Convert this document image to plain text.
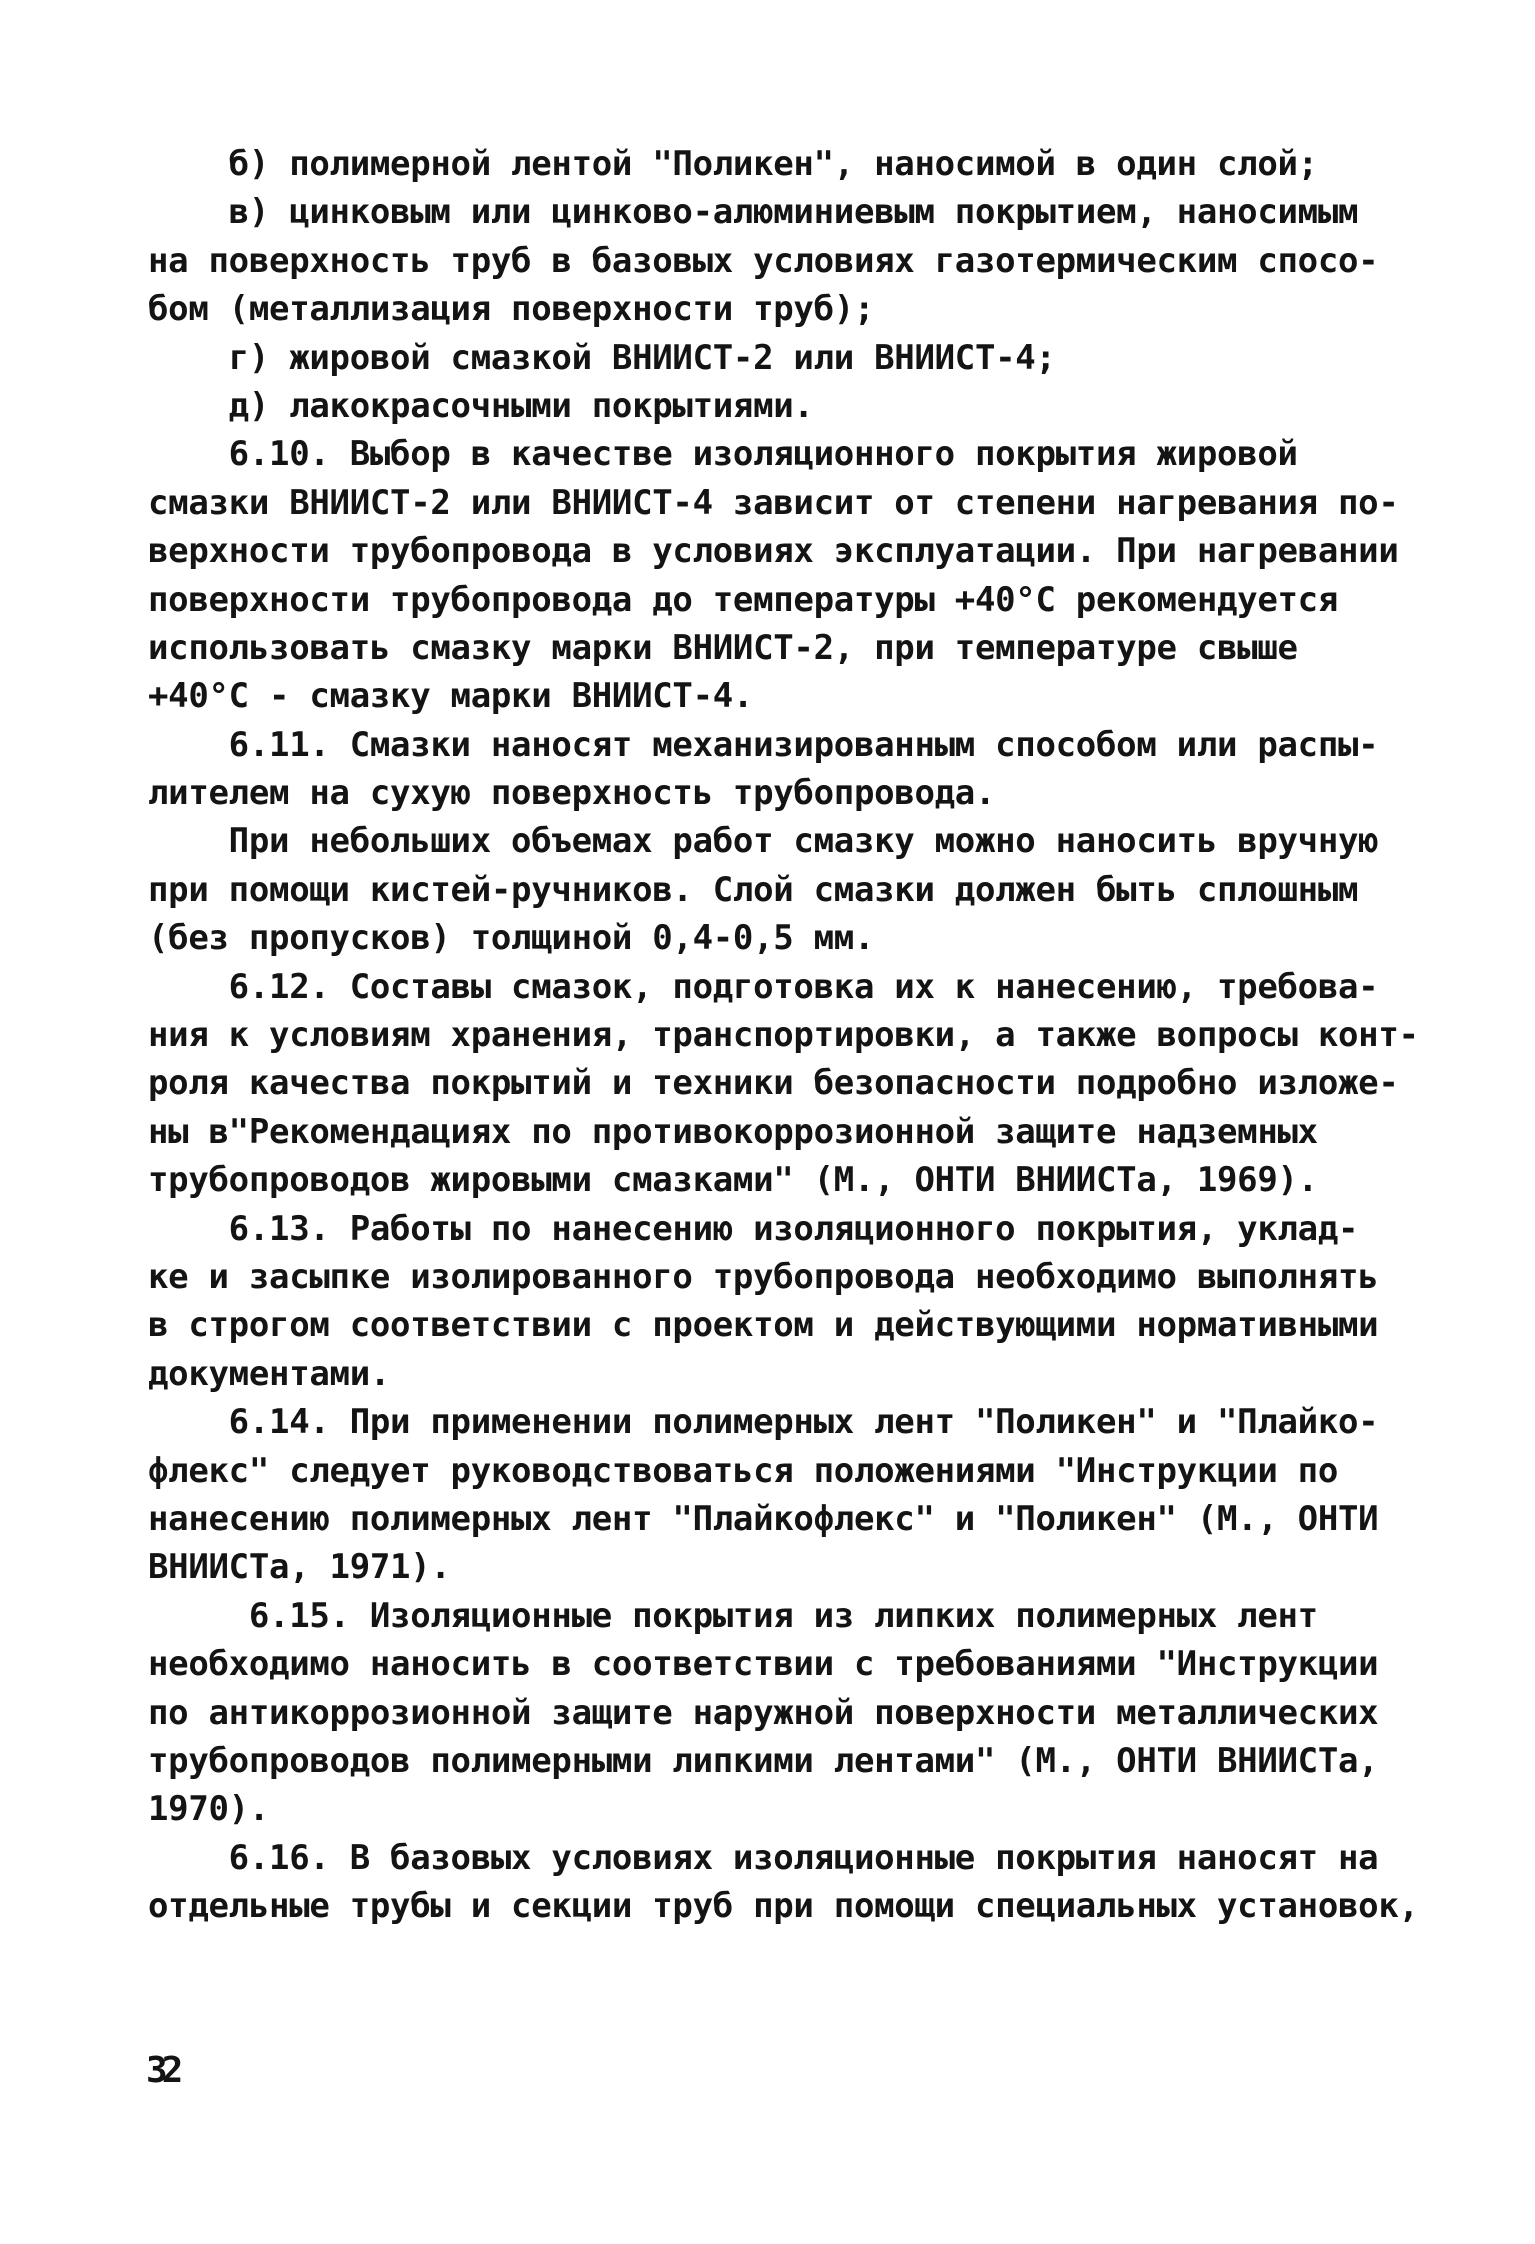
б) полимерной лентой "Поликен", наносимой в один слой;
в) цинковым или цинково-алюминиевым покрытием, наносимым
на поверхность труб в базовых условиях газотермическим спосо-
бом (металлизация поверхности труб);
г) жировой смазкой ВНИИСТ-2 или ВНИИСТ-4;
д) лакокрасочными покрытиями.
6.10. Выбор в качестве изоляционного покрытия жировой
смазки ВНИИСТ-2 или ВНИИСТ-4 зависит от степени нагревания по-
верхности трубопровода в условиях эксплуатации. При нагревании
поверхности трубопровода до температуры +40°С рекомендуется
использовать смазку марки ВНИИСТ-2, при температуре свыше
+40°С - смазку марки ВНИИСТ-4.
6.11. Смазки наносят механизированным способом или распы-
лителем на сухую поверхность трубопровода.
При небольших объемах работ смазку можно наносить вручную
при помощи кистей-ручников. Слой смазки должен быть сплошным
(без пропусков) толщиной 0,4-0,5 мм.
6.12. Составы смазок, подготовка их к нанесению, требова-
ния к условиям хранения, транспортировки, а также вопросы конт-
роля качества покрытий и техники безопасности подробно изложе-
ны в"Рекомендациях по противокоррозионной защите надземных
трубопроводов жировыми смазками" (М., ОНТИ ВНИИСТа, 1969).
6.13. Работы по нанесению изоляционного покрытия, уклад-
ке и засыпке изолированного трубопровода необходимо выполнять
в строгом соответствии с проектом и действующими нормативными
документами.
6.14. При применении полимерных лент "Поликен" и "Плайко-
флекс" следует руководствоваться положениями "Инструкции по
нанесению полимерных лент "Плайкофлекс" и "Поликен" (М., ОНТИ
ВНИИСТа, 1971).
6.15. Изоляционные покрытия из липких полимерных лент
необходимо наносить в соответствии с требованиями "Инструкции
по антикоррозионной защите наружной поверхности металлических
трубопроводов полимерными липкими лентами" (М., ОНТИ ВНИИСТа,
1970).
6.16. В базовых условиях изоляционные покрытия наносят на
отдельные трубы и секции труб при помощи специальных установок,
32
